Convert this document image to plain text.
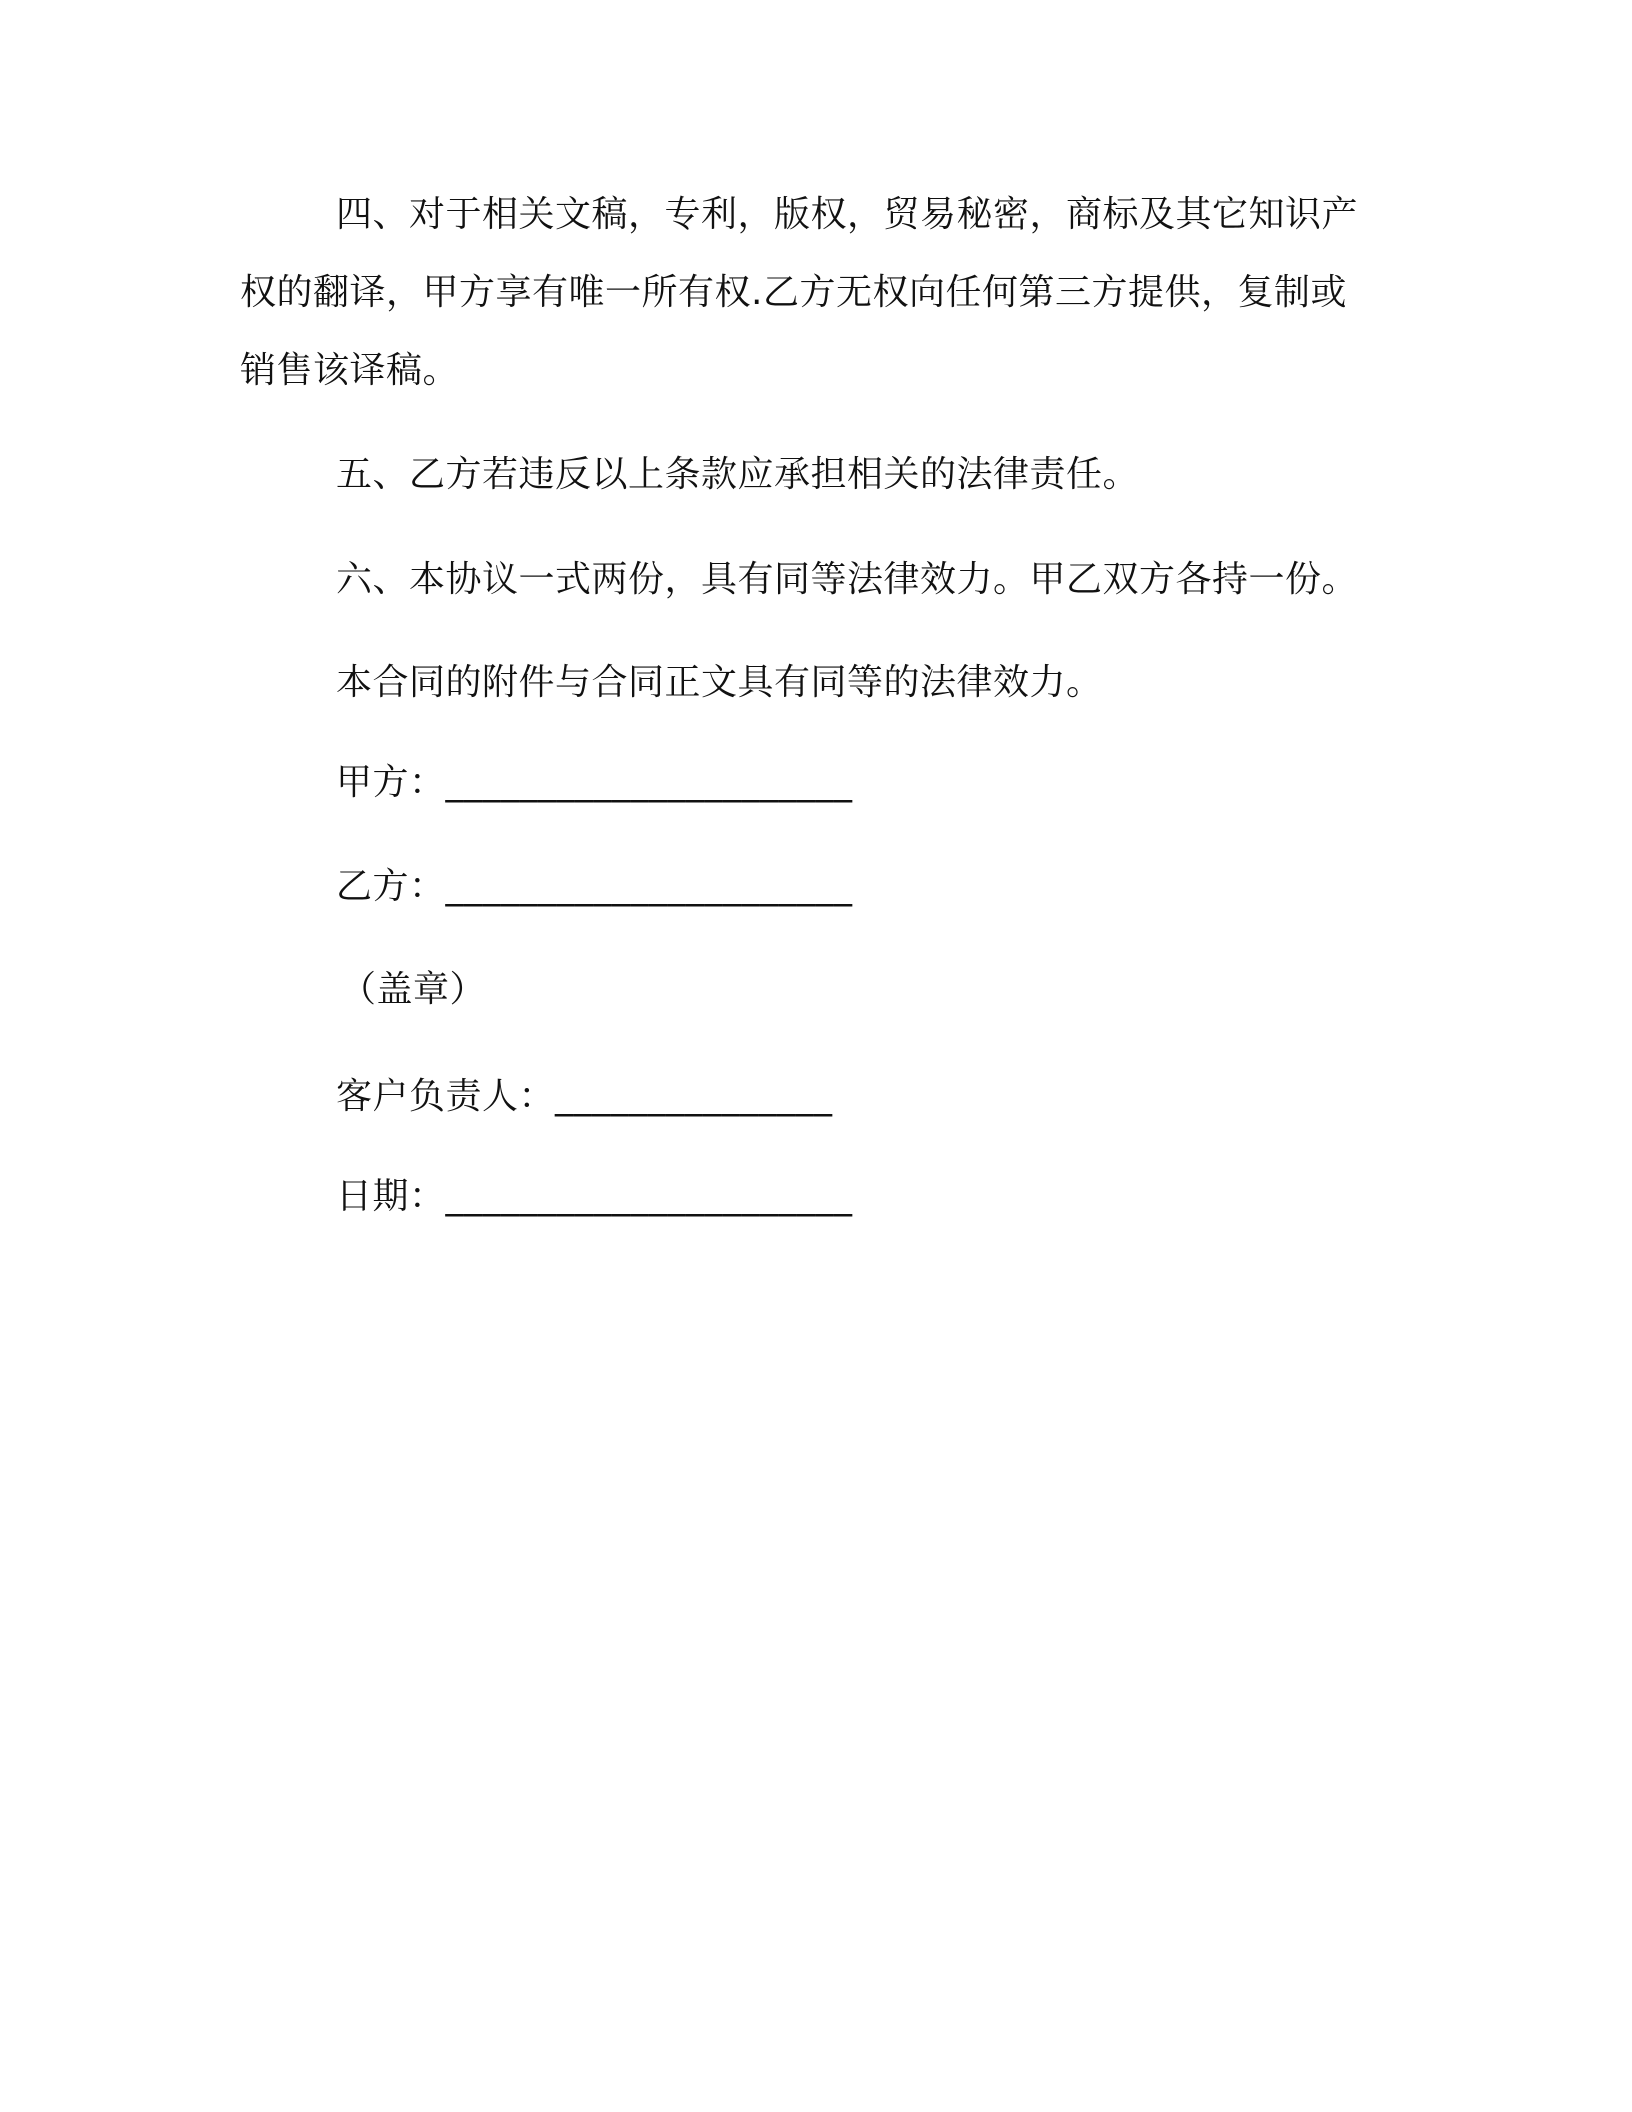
四、对于相关文稿，专利，版权，贸易秘密，商标及其它知识产权的翻译，甲方享有唯一所有权.乙方无权向任何第三方提供，复制或销售该译稿。

五、乙方若违反以上条款应承担相关的法律责任。

六、本协议一式两份，具有同等法律效力。甲乙双方各持一份。

本合同的附件与合同正文具有同等的法律效力。

甲方：______________________

乙方：______________________

（盖章）

客户负责人：_______________

日期：______________________
